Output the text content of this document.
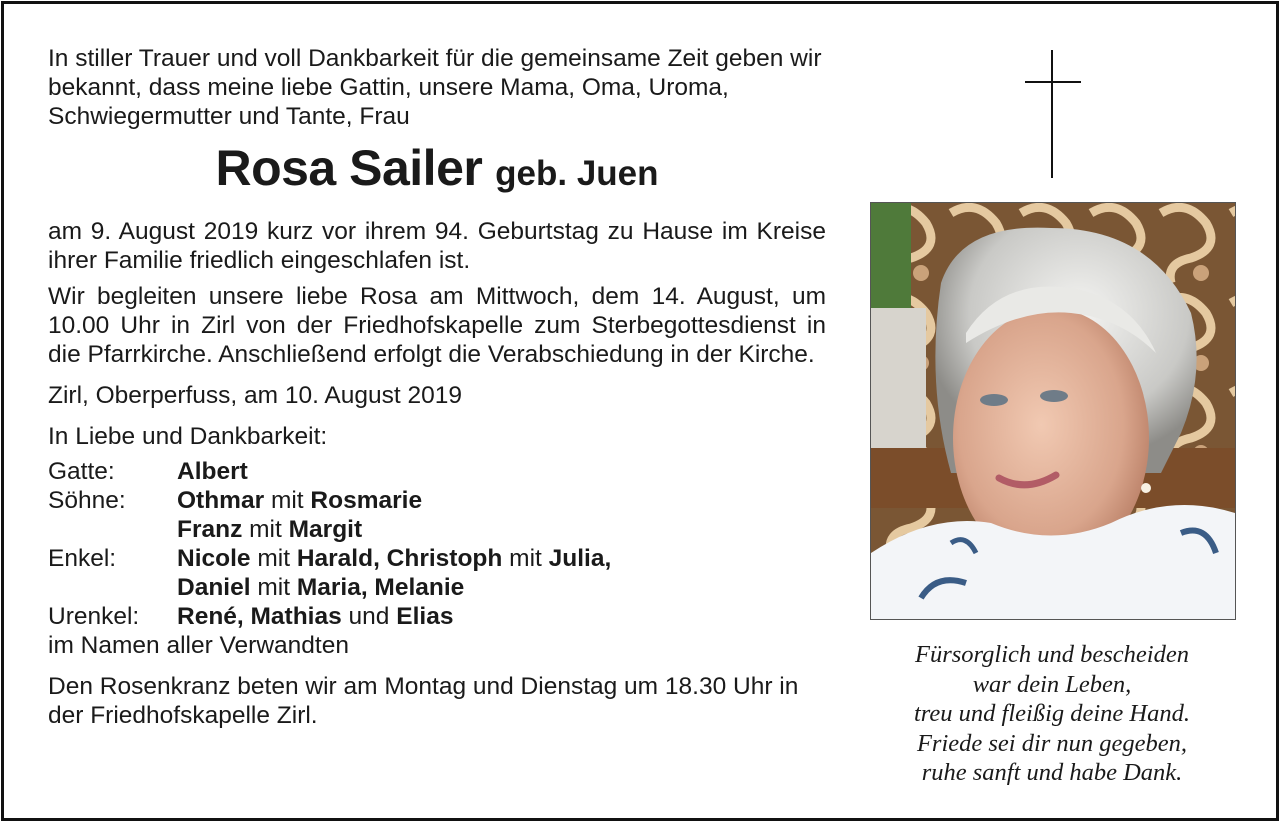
In stiller Trauer und voll Dankbarkeit für die gemeinsame Zeit geben wir bekannt, dass meine liebe Gattin, unsere Mama, Oma, Uroma, Schwiegermutter und Tante, Frau

Rosa Sailer geb. Juen

am 9. August 2019 kurz vor ihrem 94. Geburtstag zu Hause im Kreise ihrer Familie friedlich eingeschlafen ist.

Wir begleiten unsere liebe Rosa am Mittwoch, dem 14. August, um 10.00 Uhr in Zirl von der Friedhofskapelle zum Sterbegottesdienst in die Pfarrkirche. Anschließend erfolgt die Verabschiedung in der Kirche.

Zirl, Oberperfuss, am 10. August 2019

In Liebe und Dankbarkeit:

Gatte:	Albert
Söhne:	Othmar mit Rosmarie
Franz mit Margit
Enkel:	Nicole mit Harald, Christoph mit Julia,
Daniel mit Maria, Melanie
Urenkel:	René, Mathias und Elias

im Namen aller Verwandten

Den Rosenkranz beten wir am Montag und Dienstag um 18.30 Uhr in der Friedhofskapelle Zirl.

Fürsorglich und bescheiden
war dein Leben,
treu und fleißig deine Hand.
Friede sei dir nun gegeben,
ruhe sanft und habe Dank.
